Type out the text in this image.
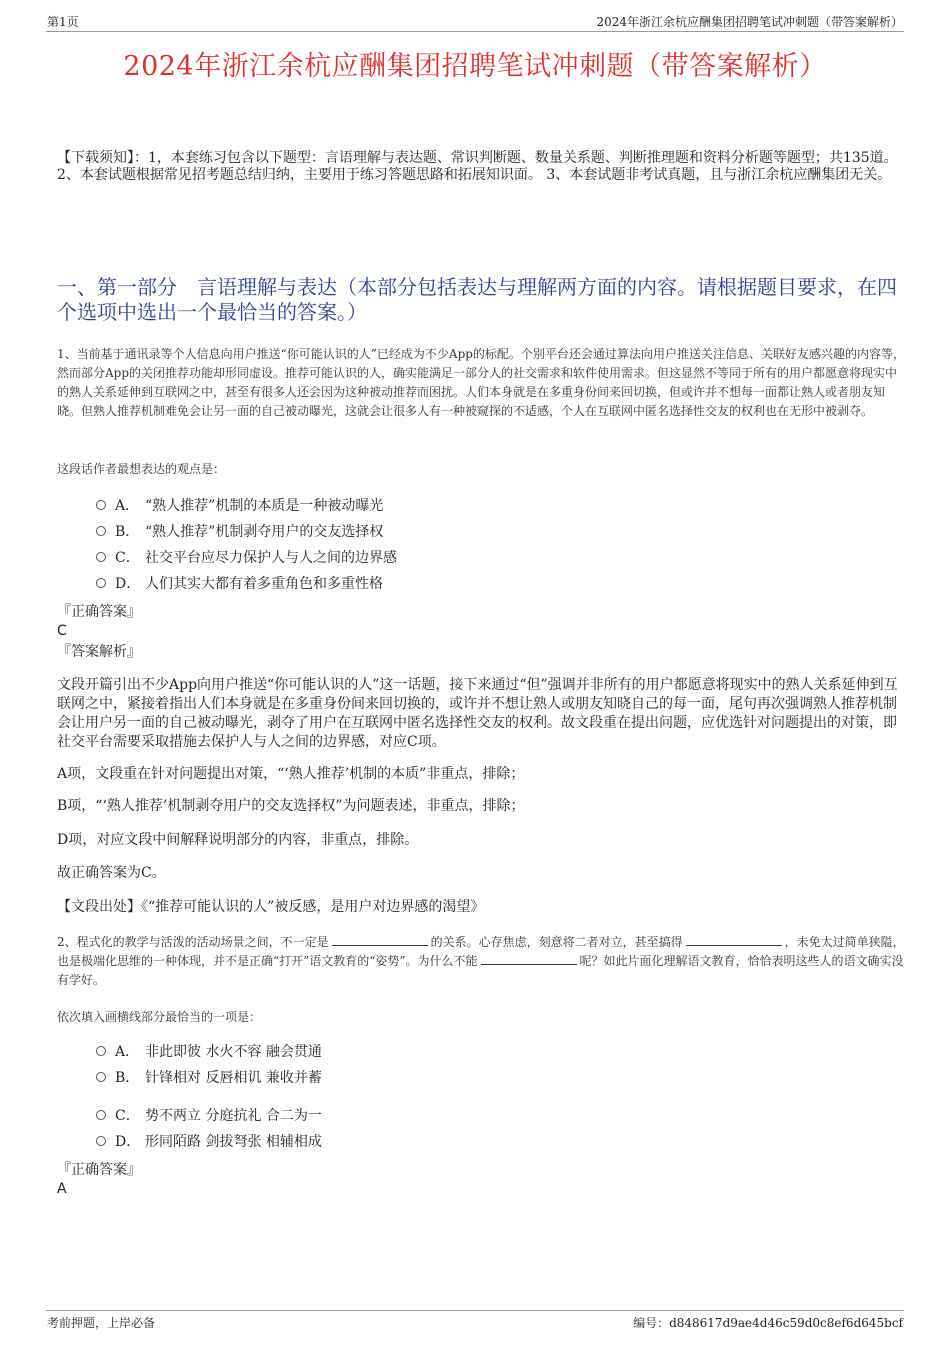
第1页	2024年浙江余杭应酬集团招聘笔试冲刺题（带答案解析）
2024年浙江余杭应酬集团招聘笔试冲刺题（带答案解析）
【下载须知】：1，本套练习包含以下题型：言语理解与表达题、常识判断题、数量关系题、判断推理题和资料分析题等题型；共135道。 2、本套试题根据常见招考题总结归纳，主要用于练习答题思路和拓展知识面。 3、本套试题非考试真题，且与浙江余杭应酬集团无关。
一、第一部分　言语理解与表达（本部分包括表达与理解两方面的内容。请根据题目要求，在四个选项中选出一个最恰当的答案。）
1、当前基于通讯录等个人信息向用户推送“你可能认识的人”已经成为不少App的标配。个别平台还会通过算法向用户推送关注信息、关联好友感兴趣的内容等，然而部分App的关闭推荐功能却形同虚设。推荐可能认识的人，确实能满足一部分人的社交需求和软件使用需求。但这显然不等同于所有的用户都愿意将现实中的熟人关系延伸到互联网之中，甚至有很多人还会因为这种被动推荐而困扰。人们本身就是在多重身份间来回切换，但或许并不想每一面都让熟人或者朋友知晓。但熟人推荐机制难免会让另一面的自己被动曝光，这就会让很多人有一种被窥探的不适感，个人在互联网中匿名选择性交友的权利也在无形中被剥夺。
这段话作者最想表达的观点是：
A． “熟人推荐”机制的本质是一种被动曝光
B． “熟人推荐”机制剥夺用户的交友选择权
C． 社交平台应尽力保护人与人之间的边界感
D． 人们其实大都有着多重角色和多重性格
『正确答案』
C
『答案解析』
文段开篇引出不少App向用户推送“你可能认识的人”这一话题，接下来通过“但”强调并非所有的用户都愿意将现实中的熟人关系延伸到互联网之中，紧接着指出人们本身就是在多重身份间来回切换的，或许并不想让熟人或朋友知晓自己的每一面，尾句再次强调熟人推荐机制会让用户另一面的自己被动曝光，剥夺了用户在互联网中匿名选择性交友的权利。故文段重在提出问题，应优选针对问题提出的对策，即社交平台需要采取措施去保护人与人之间的边界感，对应C项。
A项，文段重在针对问题提出对策，“‘熟人推荐’机制的本质”非重点，排除；
B项，“‘熟人推荐’机制剥夺用户的交友选择权”为问题表述，非重点，排除；
D项，对应文段中间解释说明部分的内容，非重点，排除。
故正确答案为C。
【文段出处】《“推荐可能认识的人”被反感，是用户对边界感的渴望》
2、程式化的教学与活泼的活动场景之间，不一定是	的关系。心存焦虑，刻意将二者对立，甚至搞得	，未免太过简单狭隘，也是极端化思维的一种体现，并不是正确“打开”语文教育的“姿势”。为什么不能	呢？如此片面化理解语文教育，恰恰表明这些人的语文确实没有学好。
依次填入画横线部分最恰当的一项是：
A． 非此即彼 水火不容 融会贯通
B． 针锋相对 反唇相讥 兼收并蓄
C． 势不两立 分庭抗礼 合二为一
D． 形同陌路 剑拔弩张 相辅相成
『正确答案』
A
考前押题，上岸必备	编号：d848617d9ae4d46c59d0c8ef6d645bcf
